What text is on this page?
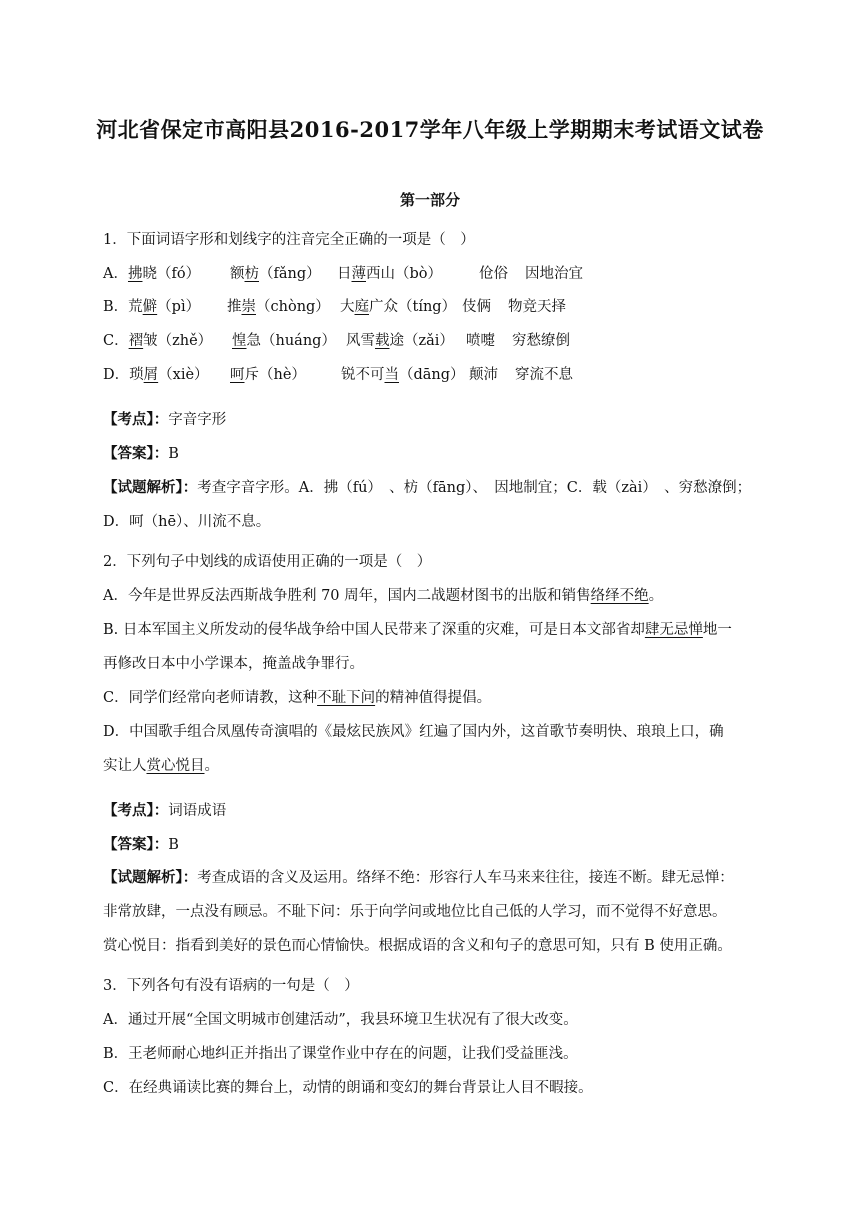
河北省保定市高阳县2016-2017学年八年级上学期期末考试语文试卷
第一部分
1．下面词语字形和划线字的注音完全正确的一项是（　）
A．拂晓（fó） 额枋（fǎng） 日薄西山（bò）	伧俗 因地治宜
B．荒僻（pì） 推崇（chòng） 大庭广众（tíng） 伎俩 物竞天择
C．褶皱（zhě） 惶急（huáng） 风雪载途（zǎi） 喷嚏 穷愁缭倒
D．琐屑（xiè） 呵斥（hè） 锐不可当（dāng） 颠沛 穿流不息
【考点】：字音字形
【答案】：B
【试题解析】：考查字音字形。A．拂（fú）　、枋（fāng）、　因地制宜；C．载（zài）　、穷愁潦倒；
D．呵（hē）、川流不息。
2．下列句子中划线的成语使用正确的一项是（　）
A．今年是世界反法西斯战争胜利 70 周年，国内二战题材图书的出版和销售络绎不绝。
B. 日本军国主义所发动的侵华战争给中国人民带来了深重的灾难，可是日本文部省却肆无忌惮地一
再修改日本中小学课本，掩盖战争罪行。
C．同学们经常向老师请教，这种不耻下问的精神值得提倡。
D．中国歌手组合凤凰传奇演唱的《最炫民族风》红遍了国内外，这首歌节奏明快、琅琅上口，确
实让人赏心悦目。
【考点】：词语成语
【答案】：B
【试题解析】：考查成语的含义及运用。络绎不绝：形容行人车马来来往往，接连不断。肆无忌惮：
非常放肆，一点没有顾忌。不耻下问：乐于向学问或地位比自己低的人学习，而不觉得不好意思。
赏心悦目：指看到美好的景色而心情愉快。根据成语的含义和句子的意思可知，只有 B 使用正确。
3．下列各句有没有语病的一句是（　）
A．通过开展“全国文明城市创建活动”，我县环境卫生状况有了很大改变。
B．王老师耐心地纠正并指出了课堂作业中存在的问题，让我们受益匪浅。
C．在经典诵读比赛的舞台上，动情的朗诵和变幻的舞台背景让人目不暇接。
